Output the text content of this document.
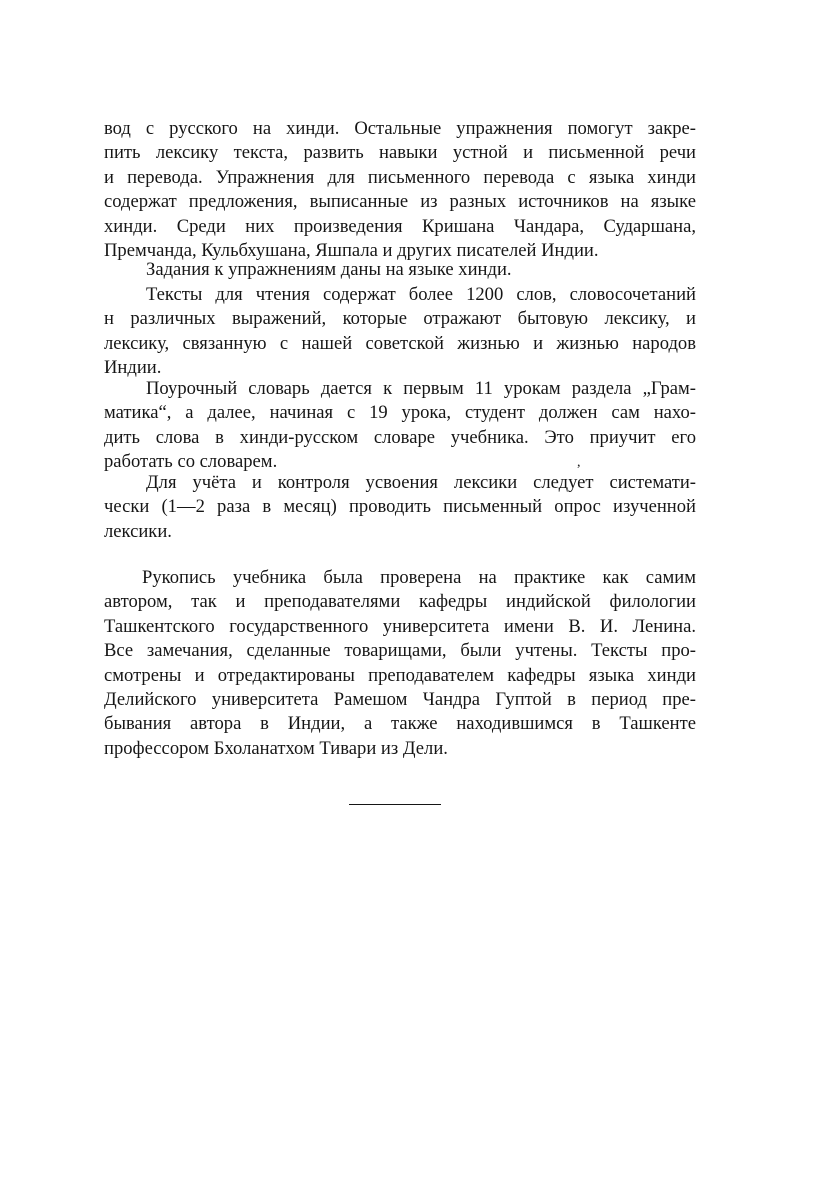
вод с русского на хинди. Остальные упражнения помогут закре-
пить лексику текста, развить навыки устной и письменной речи
и перевода. Упражнения для письменного перевода с языка хинди
содержат предложения, выписанные из разных источников на языке
хинди. Среди них произведения Кришана Чандара, Сударшана,
Премчанда, Кульбхушана, Яшпала и других писателей Индии.
Задания к упражнениям даны на языке хинди.
Тексты для чтения содержат более 1200 слов, словосочетаний
н различных выражений, которые отражают бытовую лексику, и
лексику, связанную с нашей советской жизнью и жизнью народов
Индии.
Поурочный словарь дается к первым 11 урокам раздела „Грам-
матика“, а далее, начиная с 19 урока, студент должен сам нахо-
дить слова в хинди-русском словаре учебника. Это приучит его
работать со словарем.	,
Для учёта и контроля усвоения лексики следует системати-
чески (1—2 раза в месяц) проводить письменный опрос изученной
лексики.
Рукопись учебника была проверена на практике как самим
автором, так и преподавателями кафедры индийской филологии
Ташкентского государственного университета имени В. И. Ленина.
Все замечания, сделанные товарищами, были учтены. Тексты про-
смотрены и отредактированы преподавателем кафедры языка хинди
Делийского университета Рамешом Чандра Гуптой в период пре-
бывания автора в Индии, а также находившимся в Ташкенте
профессором Бхоланатхом Тивари из Дели.
